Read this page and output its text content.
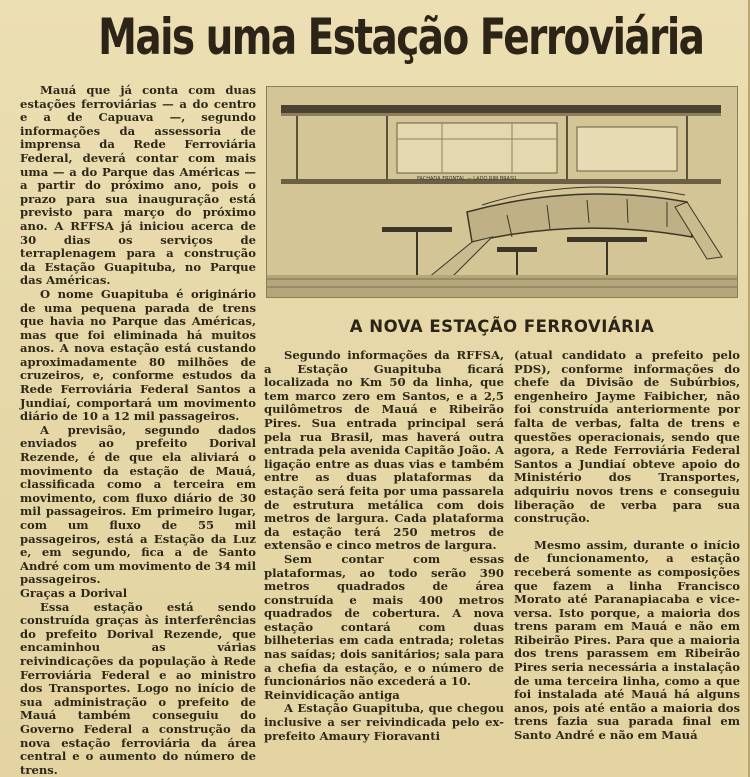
Mais uma Estação Ferroviária

Mauá que já conta com duas estações ferroviárias — a do centro e a de Capuava —, segundo informações da assessoria de imprensa da Rede Ferroviária Federal, deverá contar com mais uma — a do Parque das Américas — a partir do próximo ano, pois o prazo para sua inauguração está previsto para março do próximo ano. A RFFSA já iniciou acerca de 30 dias os serviços de terraplenagem para a construção da Estação Guapituba, no Parque das Américas.

O nome Guapituba é originário de uma pequena parada de trens que havia no Parque das Américas, mas que foi eliminada há muitos anos. A nova estação está custando aproximadamente 80 milhões de cruzeiros, e, conforme estudos da Rede Ferroviária Federal Santos a Jundiaí, comportará um movimento diário de 10 a 12 mil passageiros.

A previsão, segundo dados enviados ao prefeito Dorival Rezende, é de que ela aliviará o movimento da estação de Mauá, classificada como a terceira em movimento, com fluxo diário de 30 mil passageiros. Em primeiro lugar, com um fluxo de 55 mil passageiros, está a Estação da Luz e, em segundo, fica a de Santo André com um movimento de 34 mil passageiros.

Graças a Dorival

Essa estação está sendo construída graças às interferências do prefeito Dorival Rezende, que encaminhou as várias reivindicações da população à Rede Ferroviária Federal e ao ministro dos Transportes. Logo no início de sua administração o prefeito de Mauá também conseguiu do Governo Federal a construção da nova estação ferroviária da área central e o aumento do número de trens.

FACHADA FRONTAL — LADO RIM BRASIL
A NOVA ESTAÇÃO FERROVIÁRIA

Segundo informações da RFFSA, a Estação Guapituba ficará localizada no Km 50 da linha, que tem marco zero em Santos, e a 2,5 quilômetros de Mauá e Ribeirão Pires. Sua entrada principal será pela rua Brasil, mas haverá outra entrada pela avenida Capitão João. A ligação entre as duas vias e também entre as duas plataformas da estação será feita por uma passarela de estrutura metálica com dois metros de largura. Cada plataforma da estação terá 250 metros de extensão e cinco metros de largura.

Sem contar com essas plataformas, ao todo serão 390 metros quadrados de área construída e mais 400 metros quadrados de cobertura. A nova estação contará com duas bilheterias em cada entrada; roletas nas saídas; dois sanitários; sala para a chefia da estação, e o número de funcionários não excederá a 10.

Reinvidicação antiga

A Estação Guapituba, que chegou inclusive a ser reivindicada pelo ex-prefeito Amaury Fioravanti

(atual candidato a prefeito pelo PDS), conforme informações do chefe da Divisão de Subúrbios, engenheiro Jayme Faibicher, não foi construída anteriormente por falta de verbas, falta de trens e questões operacionais, sendo que agora, a Rede Ferroviária Federal Santos a Jundiaí obteve apoio do Ministério dos Transportes, adquiriu novos trens e conseguiu liberação de verba para sua construção.

Mesmo assim, durante o início de funcionamento, a estação receberá somente as composições que fazem a linha Francisco Morato até Paranapiacaba e vice-versa. Isto porque, a maioria dos trens param em Mauá e não em Ribeirão Pires. Para que a maioria dos trens parassem em Ribeirão Pires seria necessária a instalação de uma terceira linha, como a que foi instalada até Mauá há alguns anos, pois até então a maioria dos trens fazia sua parada final em Santo André e não em Mauá
